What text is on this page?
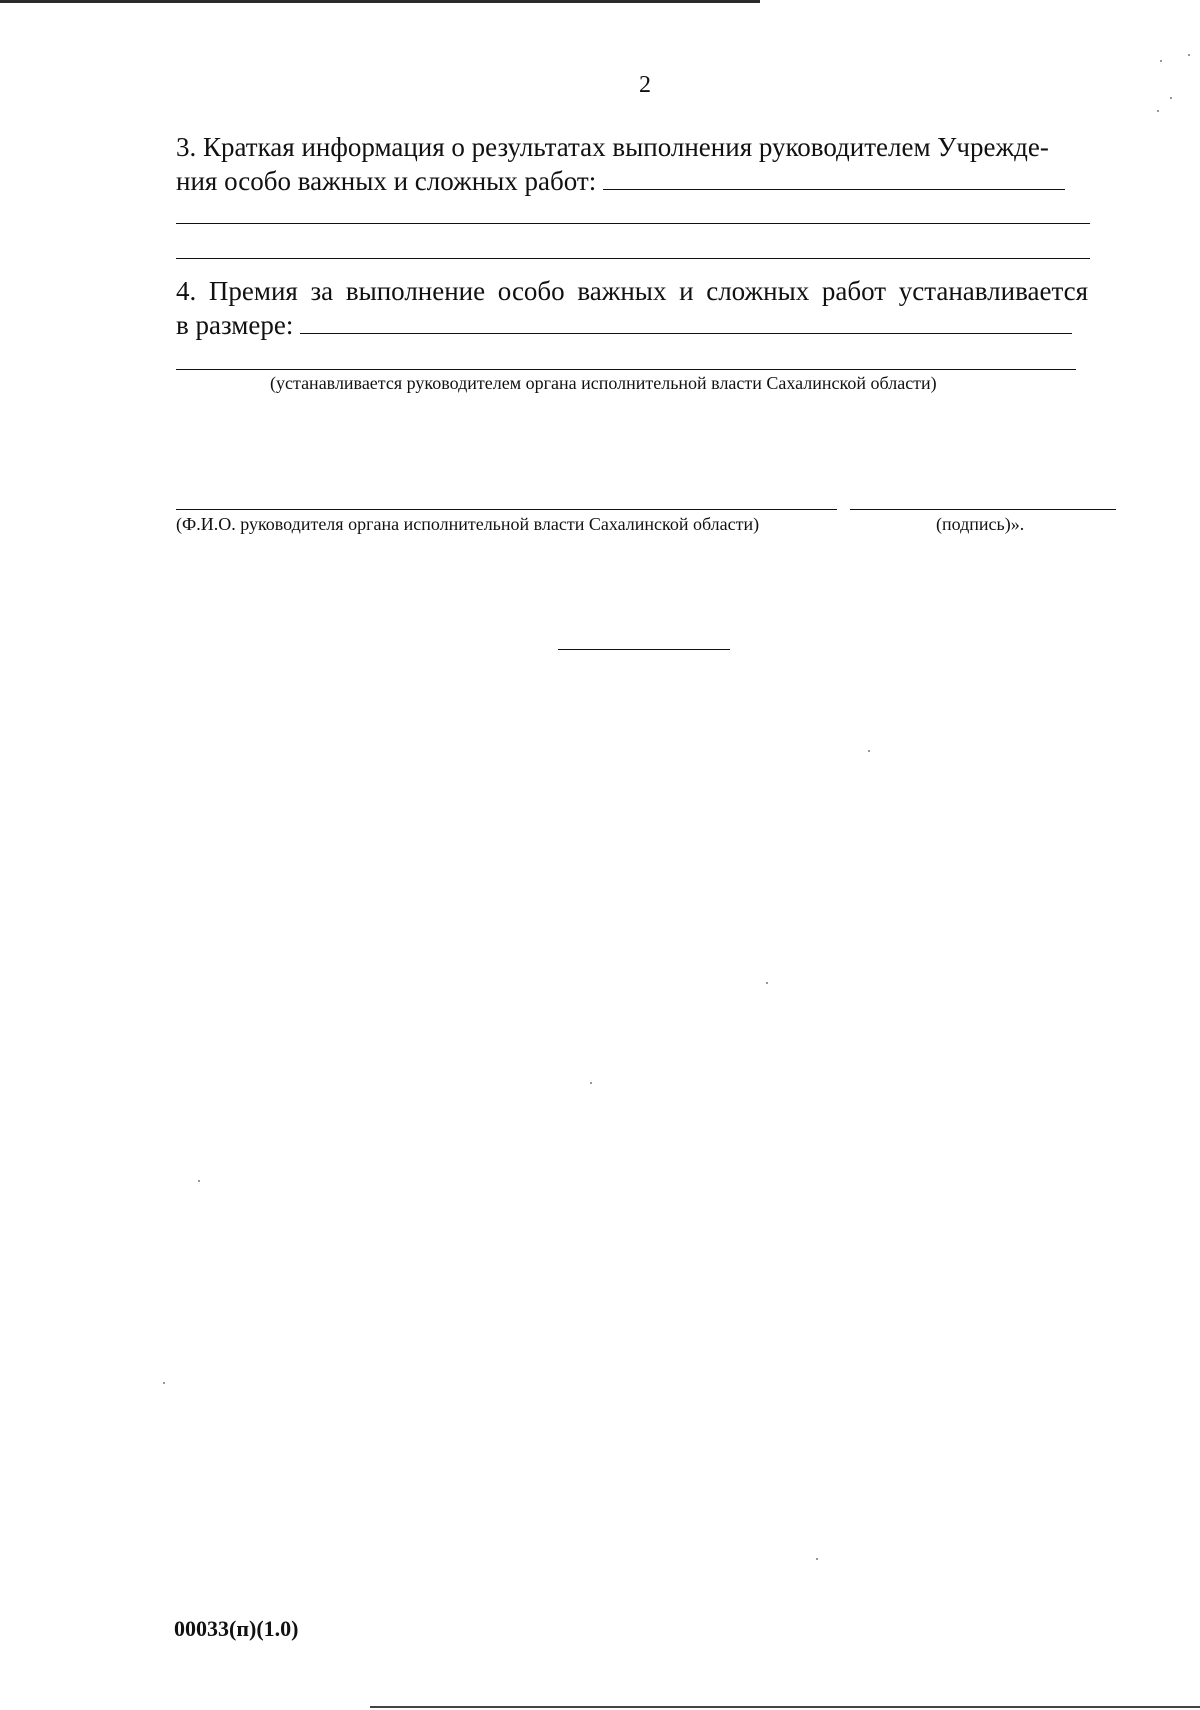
2
3. Краткая информация о результатах выполнения руководителем Учрежде-
ния особо важных и сложных работ:
4. Премия за выполнение особо важных и сложных работ устанавливается
в размере:
(устанавливается руководителем органа исполнительной власти Сахалинской области)
(Ф.И.О. руководителя органа исполнительной власти Сахалинской области)	(подпись)».
00033(п)(1.0)
